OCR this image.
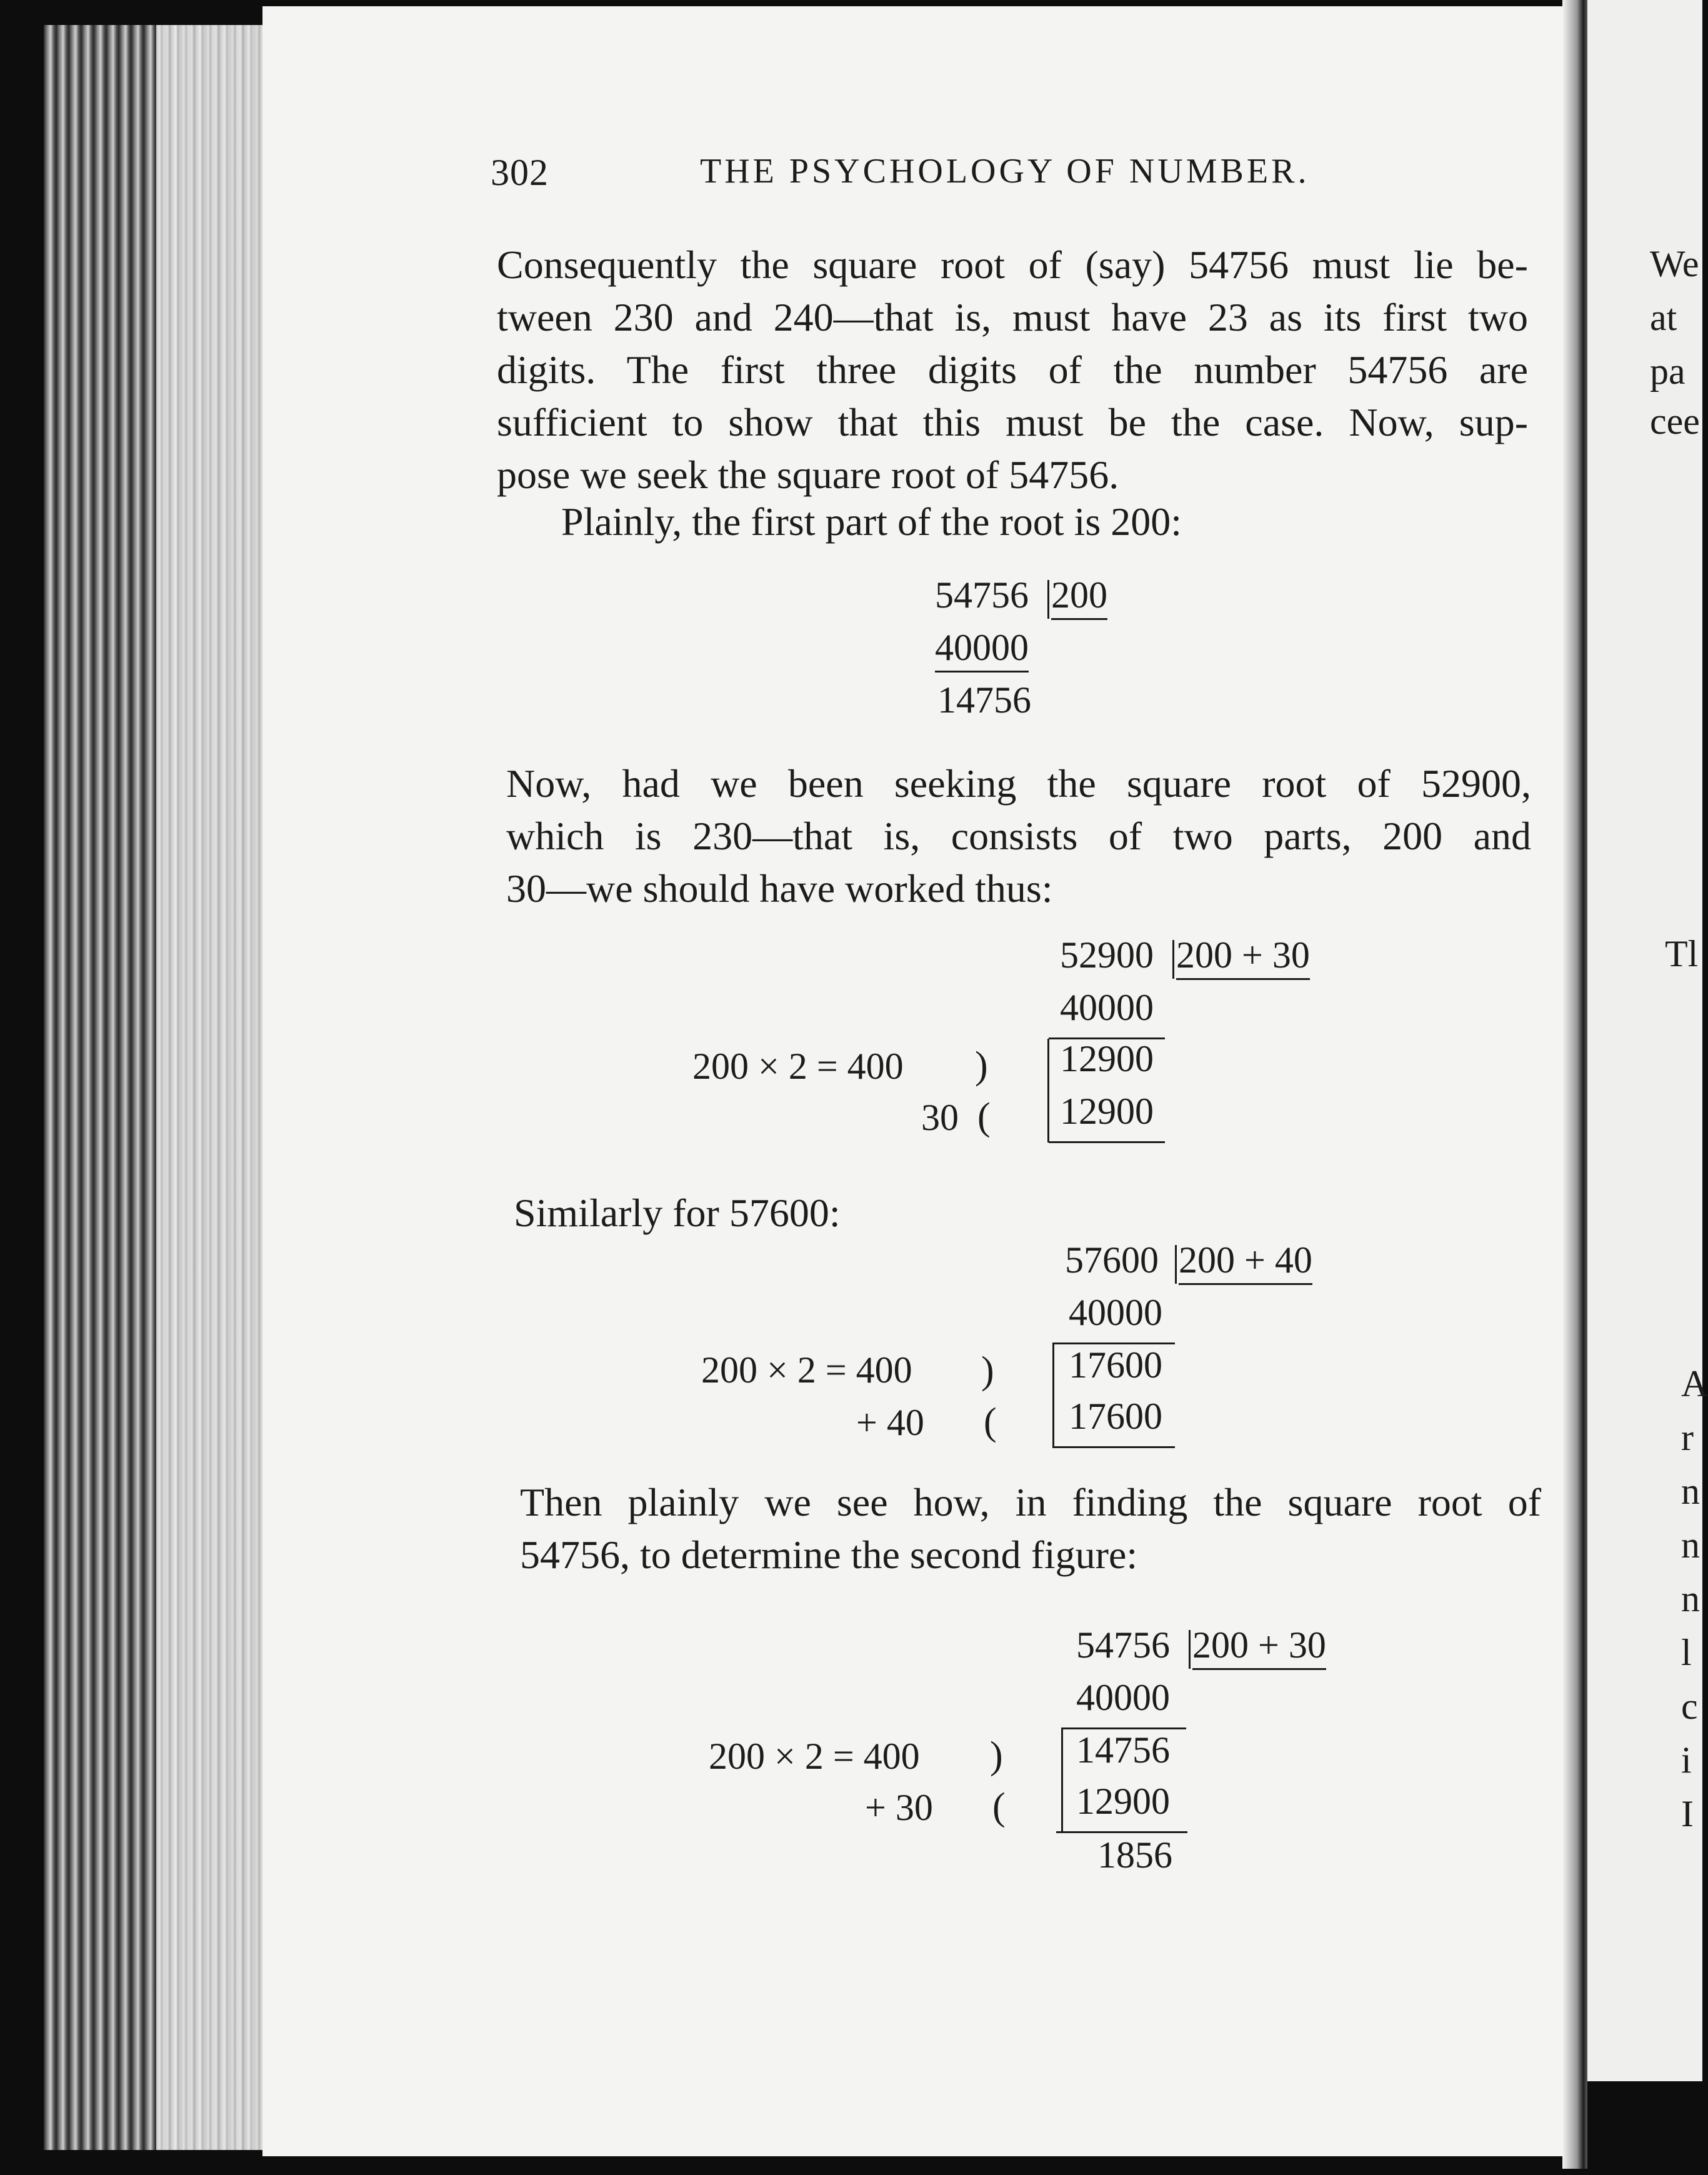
302	THE PSYCHOLOGY OF NUMBER.
Consequently the square root of (say) 54756 must lie be-
tween 230 and 240—that is, must have 23 as its first two
digits. The first three digits of the number 54756 are
sufficient to show that this must be the case. Now, sup-
pose we seek the square root of 54756.

Plainly, the first part of the root is 200:

54756 200
40000
14756
Now, had we been seeking the square root of 52900,
which is 230—that is, consists of two parts, 200 and
30—we should have worked thus:
52900 200 + 30
40000
12900
12900
200 × 2 = 400
30
)
(

Similarly for 57600:

57600 200 + 40
40000
17600
17600
200 × 2 = 400
+ 40
)
(
Then plainly we see how, in finding the square root of
54756, to determine the second figure:
54756 200 + 30
40000
14756
12900
1856
200 × 2 = 400
+ 30
)
(
We
at
pa
cee
Tl
A
r
n
n
n
l
c
i
I
